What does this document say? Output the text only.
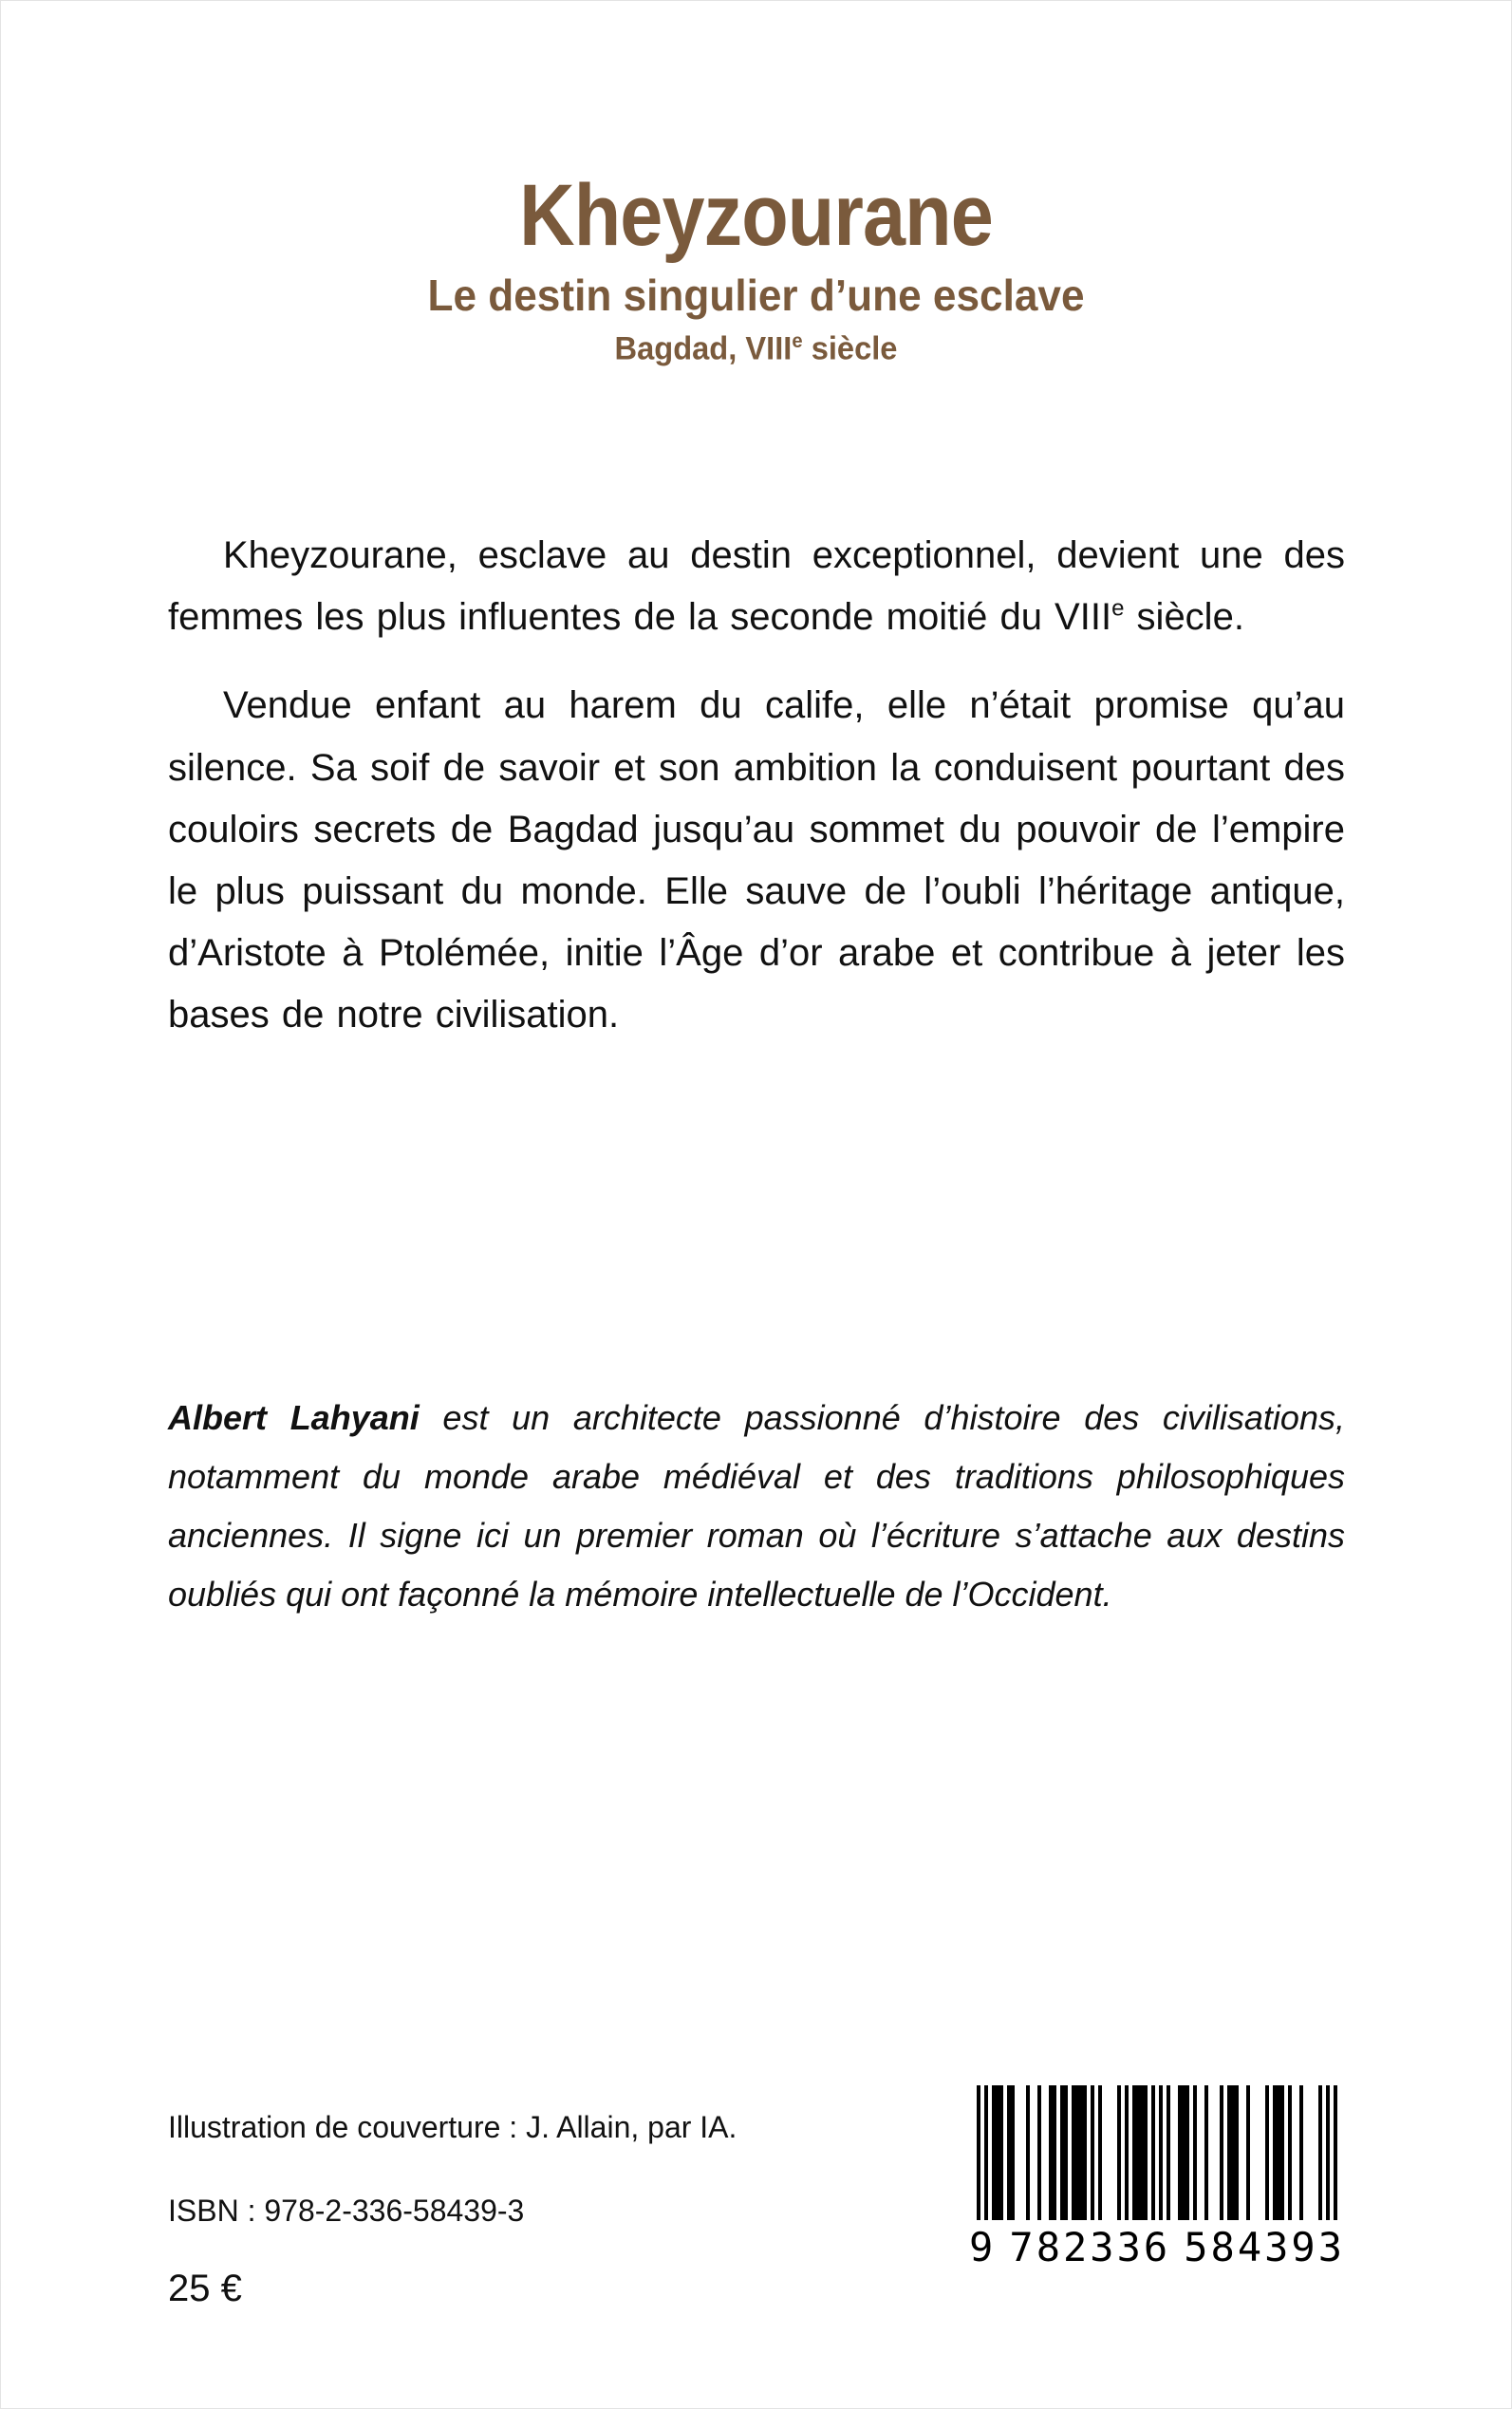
Kheyzourane
Le destin singulier d’une esclave
Bagdad, VIIIe siècle

Kheyzourane, esclave au destin exceptionnel, devient une des femmes les plus influentes de la seconde moitié du VIIIe siècle.

Vendue enfant au harem du calife, elle n’était promise qu’au silence. Sa soif de savoir et son ambition la conduisent pourtant des couloirs secrets de Bagdad jusqu’au sommet du pouvoir de l’empire le plus puissant du monde. Elle sauve de l’oubli l’héritage antique, d’Aristote à Ptolémée, initie l’Âge d’or arabe et contribue à jeter les bases de notre civilisation.

Albert Lahyani est un architecte passionné d’histoire des civilisations, notamment du monde arabe médiéval et des traditions philosophiques anciennes. Il signe ici un premier roman où l’écriture s’attache aux destins oubliés qui ont façonné la mémoire intellectuelle de l’Occident.

Illustration de couverture : J. Allain, par IA.
ISBN : 978-2-336-58439-3
25 €
9 782336 584393
